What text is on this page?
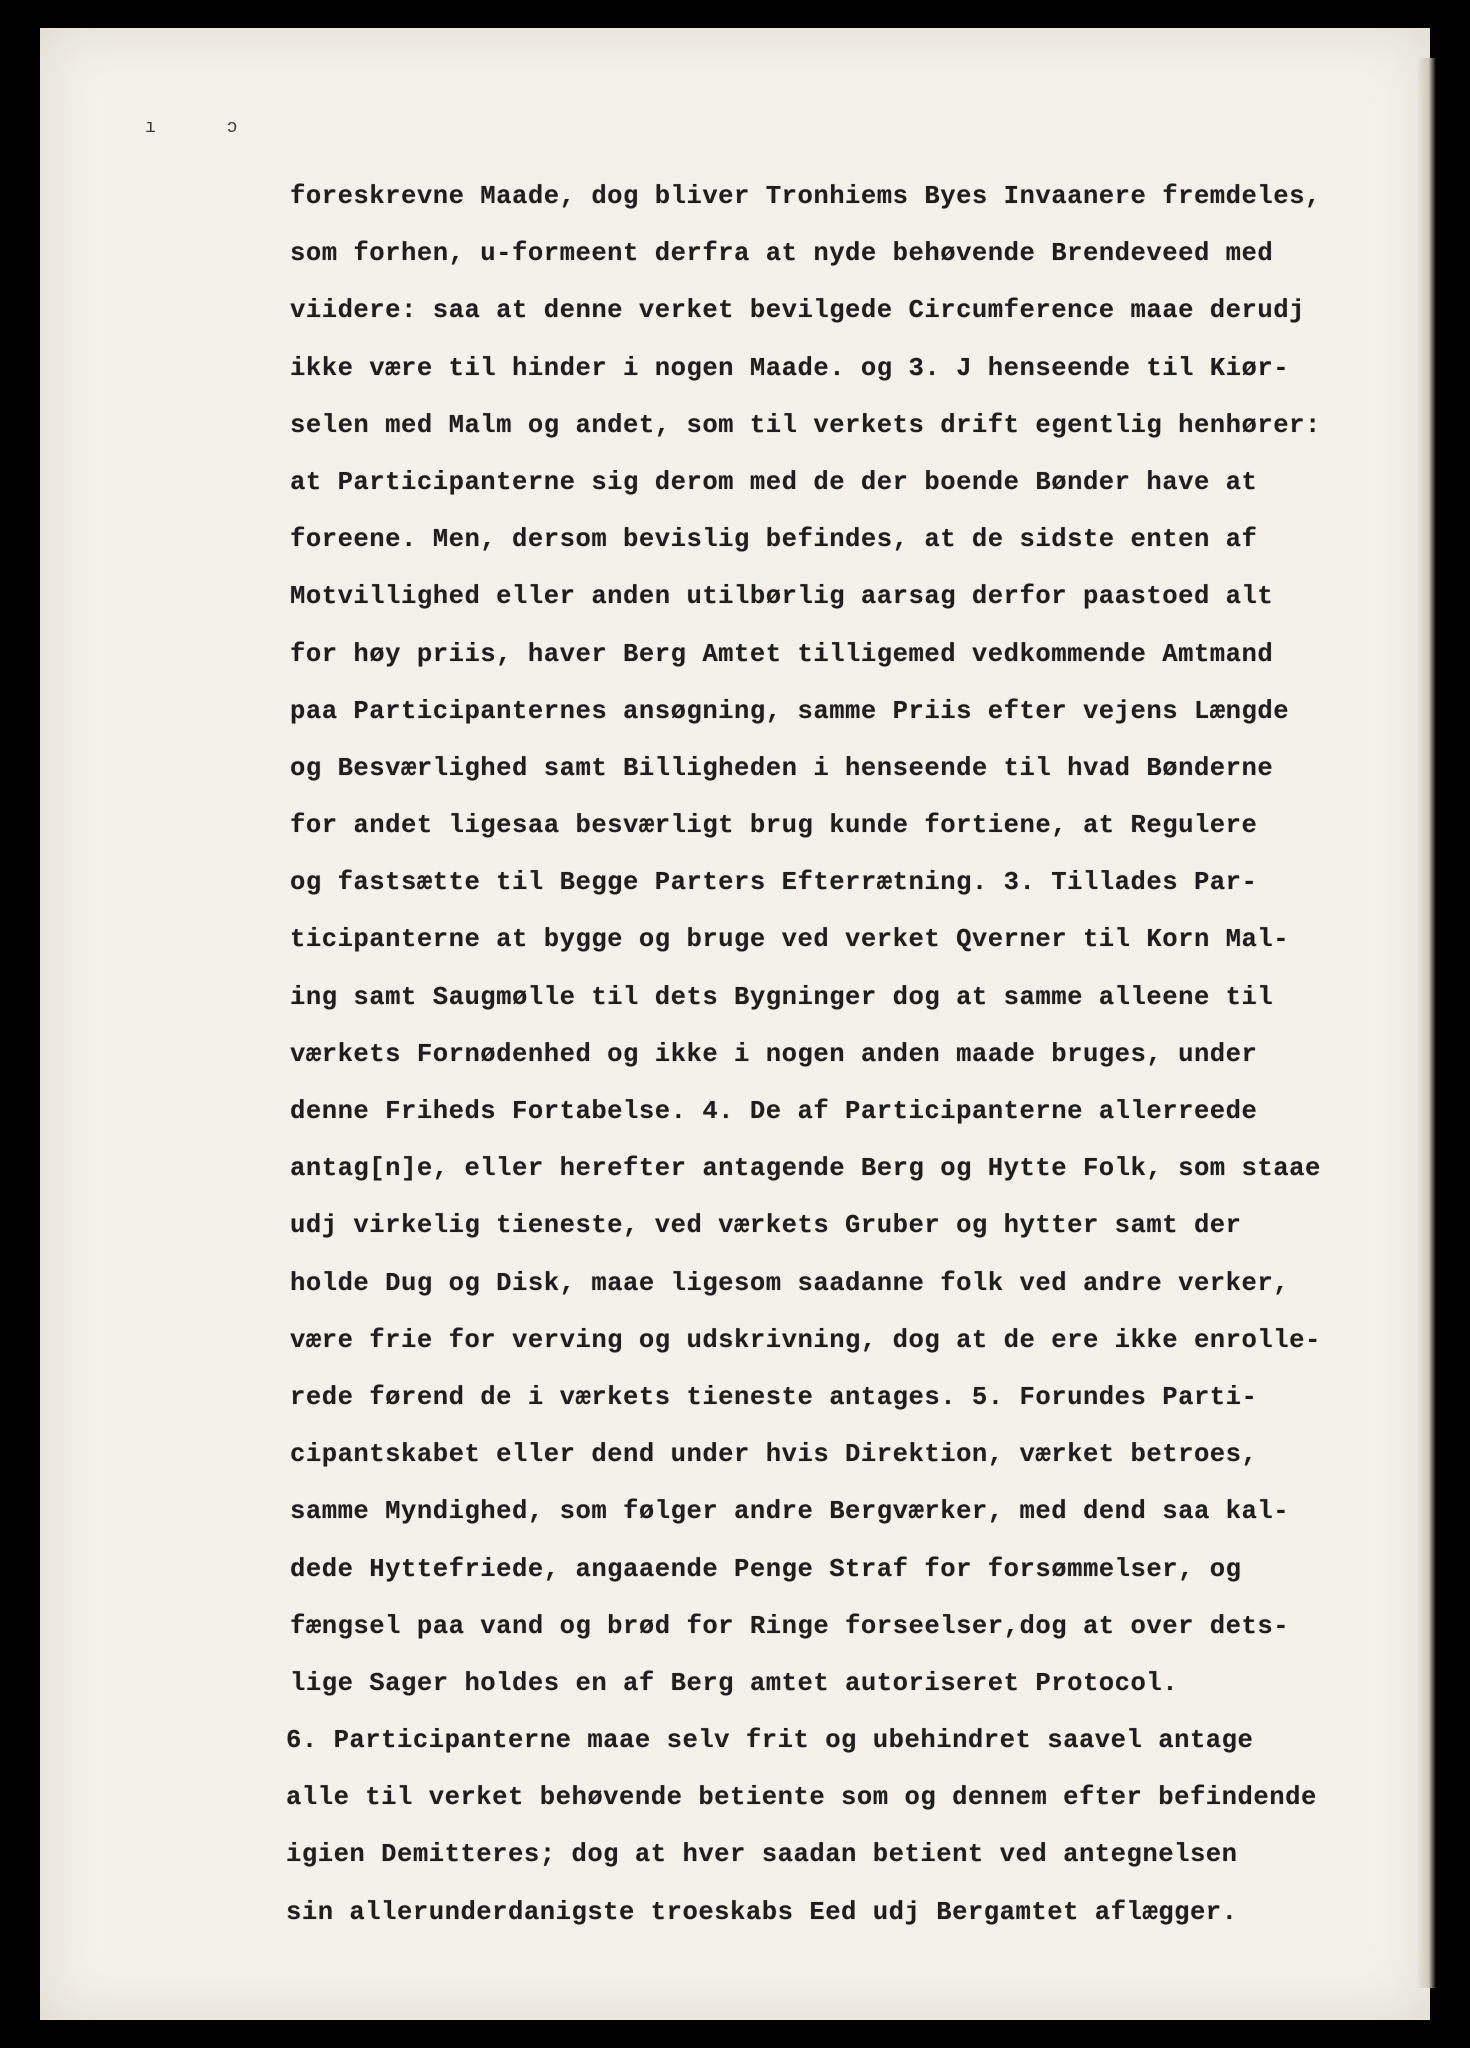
ı	ɔ
foreskrevne Maade, dog bliver Tronhiems Byes Invaanere fremdeles,
som forhen, u-formeent derfra at nyde behøvende Brendeveed med
viidere: saa at denne verket bevilgede Circumference maae derudj
ikke være til hinder i nogen Maade. og 3. J henseende til Kiør-
selen med Malm og andet, som til verkets drift egentlig henhører:
at Participanterne sig derom med de der boende Bønder have at
foreene. Men, dersom bevislig befindes, at de sidste enten af
Motvillighed eller anden utilbørlig aarsag derfor paastoed alt
for høy priis, haver Berg Amtet tilligemed vedkommende Amtmand
paa Participanternes ansøgning, samme Priis efter vejens Længde
og Besværlighed samt Billigheden i henseende til hvad Bønderne
for andet ligesaa besværligt brug kunde fortiene, at Regulere
og fastsætte til Begge Parters Efterrætning. 3. Tillades Par-
ticipanterne at bygge og bruge ved verket Qverner til Korn Mal-
ing samt Saugmølle til dets Bygninger dog at samme alleene til
værkets Fornødenhed og ikke i nogen anden maade bruges, under
denne Friheds Fortabelse. 4. De af Participanterne allerreede
antag[n]e, eller herefter antagende Berg og Hytte Folk, som staae
udj virkelig tieneste, ved værkets Gruber og hytter samt der
holde Dug og Disk, maae ligesom saadanne folk ved andre verker,
være frie for verving og udskrivning, dog at de ere ikke enrolle-
rede førend de i værkets tieneste antages. 5. Forundes Parti-
cipantskabet eller dend under hvis Direktion, værket betroes,
samme Myndighed, som følger andre Bergværker, med dend saa kal-
dede Hyttefriede, angaaende Penge Straf for forsømmelser, og
fængsel paa vand og brød for Ringe forseelser,dog at over dets-
lige Sager holdes en af Berg amtet autoriseret Protocol.
6. Participanterne maae selv frit og ubehindret saavel antage
alle til verket behøvende betiente som og dennem efter befindende
igien Demitteres; dog at hver saadan betient ved antegnelsen
sin allerunderdanigste troeskabs Eed udj Bergamtet aflægger.
